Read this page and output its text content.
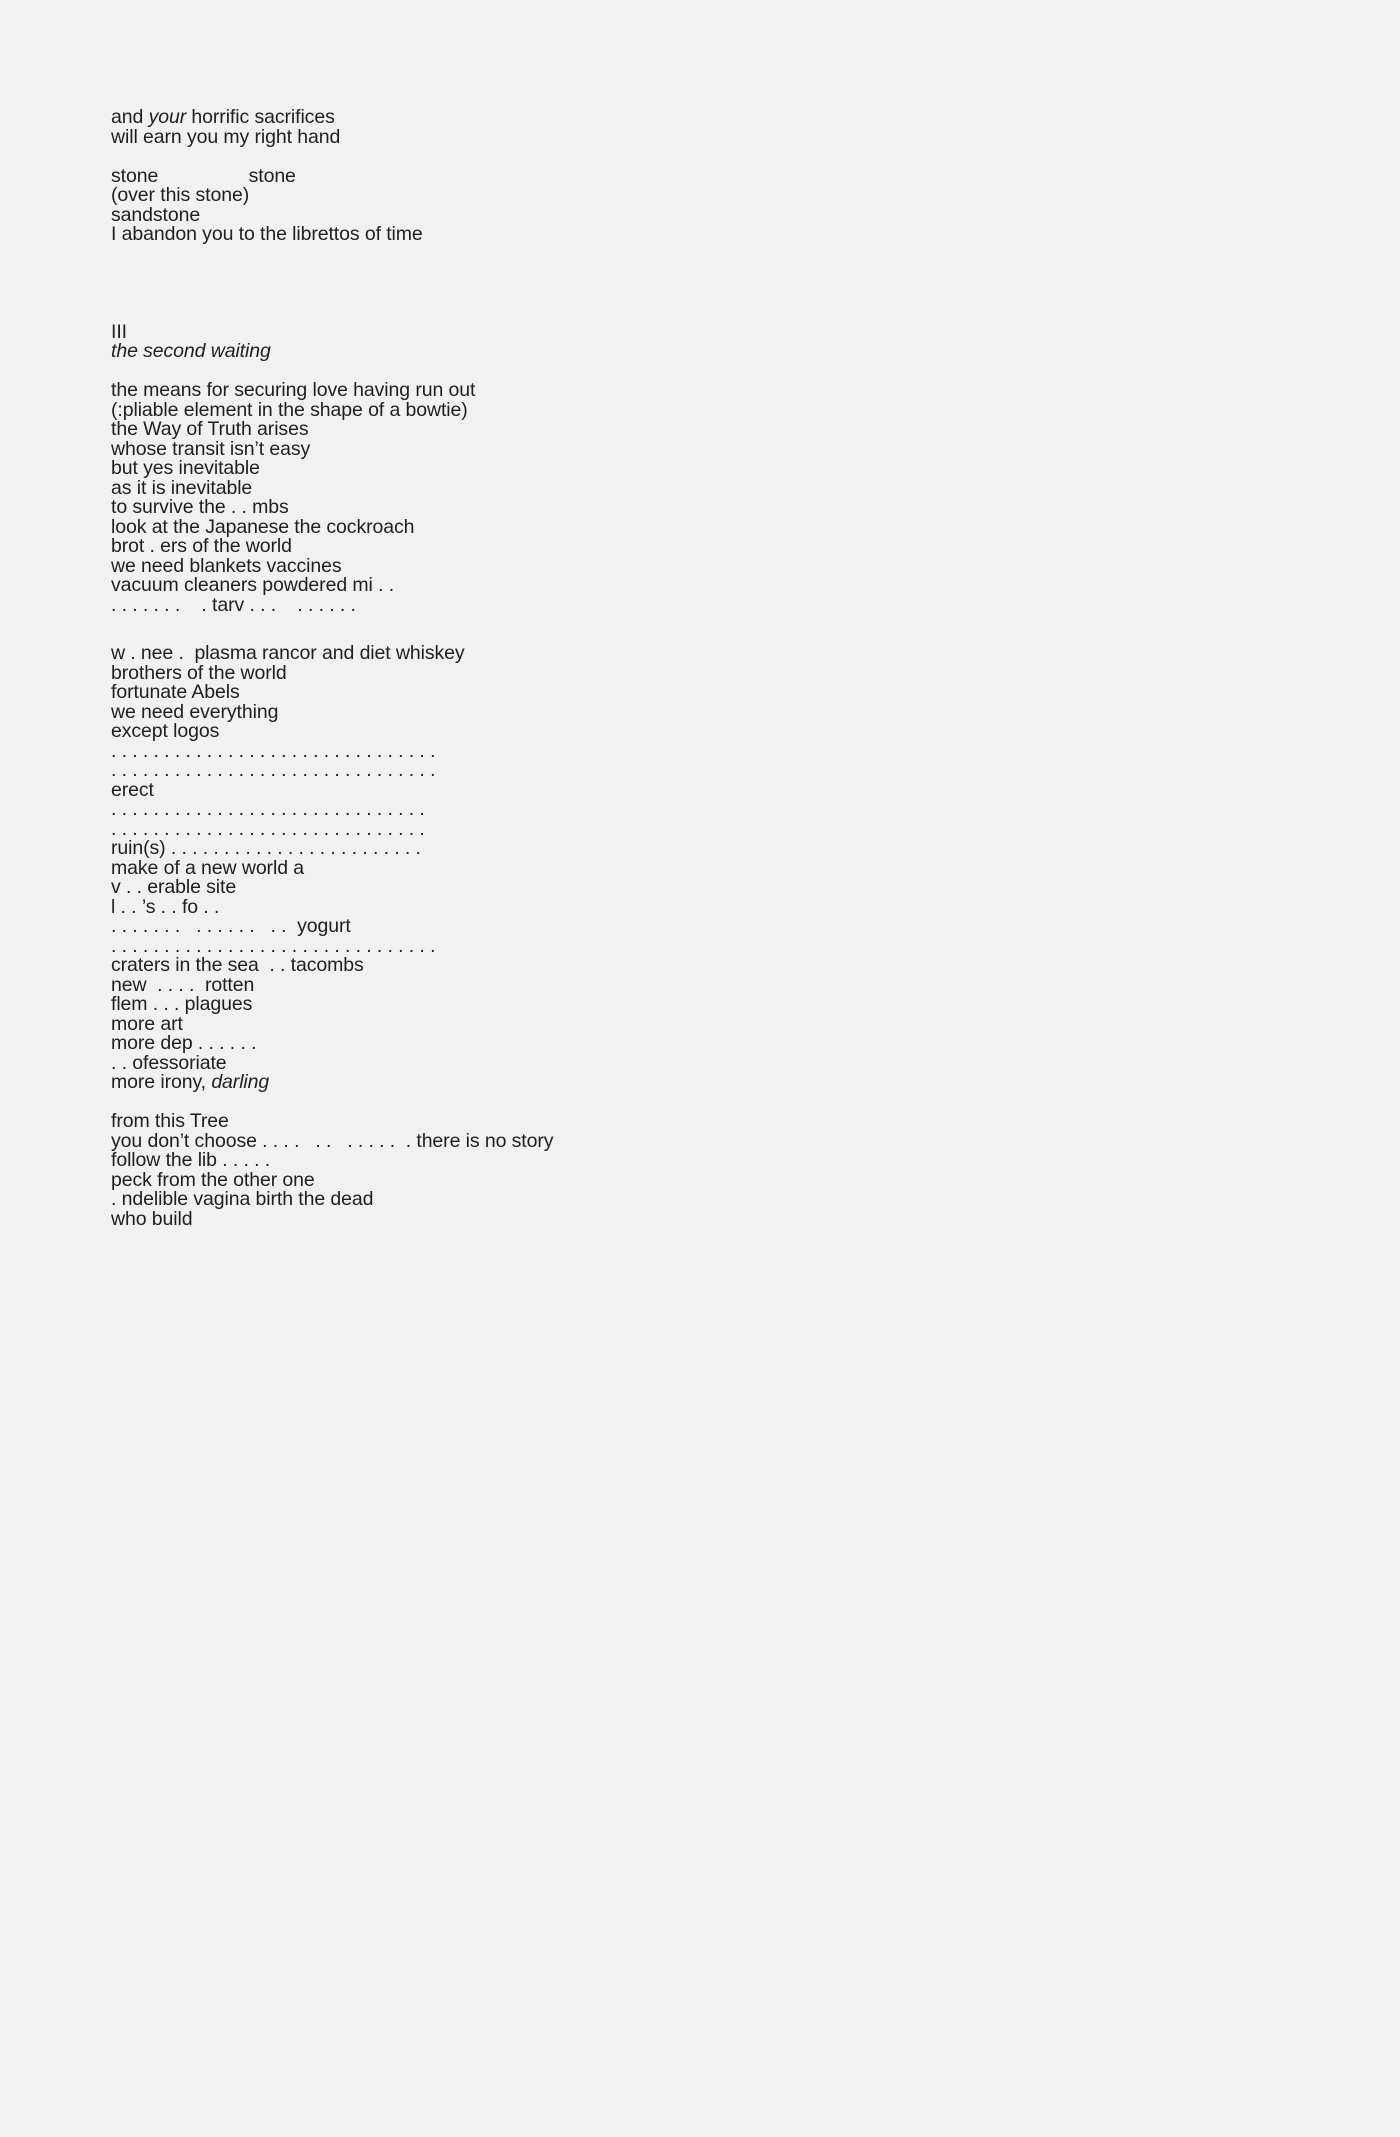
and your horrific sacrifices
will earn you my right hand
stone                 stone
(over this stone)
sandstone
I abandon you to the librettos of time
III
the second waiting
the means for securing love having run out
(:pliable element in the shape of a bowtie)
the Way of Truth arises
whose transit isn’t easy
but yes inevitable
as it is inevitable
to survive the . . mbs
look at the Japanese the cockroach
brot . ers of the world
we need blankets vaccines
vacuum cleaners powdered mi . .
. . . . . . .    . tarv . . .    . . . . . .
w . nee .  plasma rancor and diet whiskey
brothers of the world
fortunate Abels
we need everything
except logos
. . . . . . . . . . . . . . . . . . . . . . . . . . . . . . .
. . . . . . . . . . . . . . . . . . . . . . . . . . . . . . .
erect
. . . . . . . . . . . . . . . . . . . . . . . . . . . . . .
. . . . . . . . . . . . . . . . . . . . . . . . . . . . . .
ruin(s) . . . . . . . . . . . . . . . . . . . . . . . .
make of a new world a
v . . erable site
l . . ’s . . fo . .
. . . . . . .   . . . . . .   . .  yogurt
. . . . . . . . . . . . . . . . . . . . . . . . . . . . . . .
craters in the sea  . . tacombs
new  . . . .  rotten
flem . . . plagues
more art
more dep . . . . . .
. . ofessoriate
more irony, darling
from this Tree
you don’t choose . . . .   . .   . . . . .  . there is no story
follow the lib . . . . .
peck from the other one
. ndelible vagina birth the dead
who build
